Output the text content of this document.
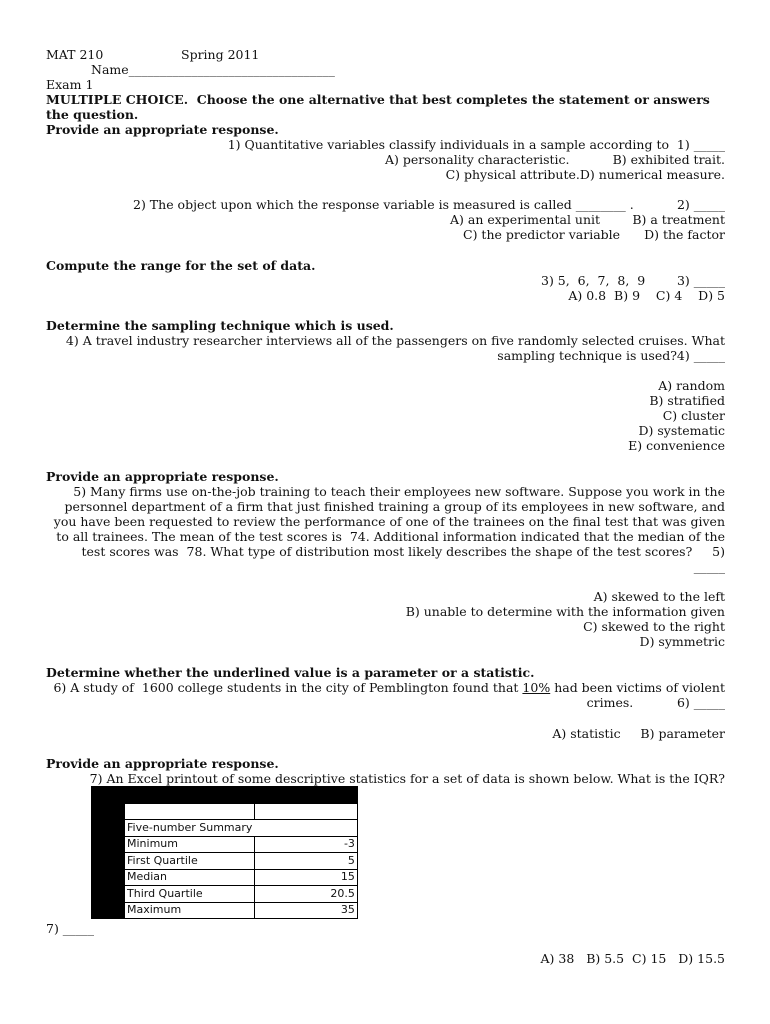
MAT 210	Spring 2011
Name_________________________________
Exam 1
MULTIPLE CHOICE.  Choose the one alternative that best completes the statement or answers
the question.
Provide an appropriate response.
1) Quantitative variables classify individuals in a sample according to  1) _____
A) personality characteristic.	B) exhibited trait.
C) physical attribute.D) numerical measure.
2) The object upon which the response variable is measured is called ________ .	2) _____
A) an experimental unit	B) a treatment
C) the predictor variable D) the factor
Compute the range for the set of data.
3) 5,  6,  7,  8,  9	3) _____
A) 0.8  B) 9    C) 4    D) 5
Determine the sampling technique which is used.
4) A travel industry researcher interviews all of the passengers on five randomly selected cruises. What
sampling technique is used?4) _____
A) random
B) stratified
C) cluster
D) systematic
E) convenience
Provide an appropriate response.
5) Many firms use on-the-job training to teach their employees new software. Suppose you work in the
personnel department of a firm that just finished training a group of its employees in new software, and
you have been requested to review the performance of one of the trainees on the final test that was given
to all trainees. The mean of the test scores is  74. Additional information indicated that the median of the
test scores was  78. What type of distribution most likely describes the shape of the test scores?     5)
_____
A) skewed to the left
B) unable to determine with the information given
C) skewed to the right
D) symmetric
Determine whether the underlined value is a parameter or a statistic.
6) A study of  1600 college students in the city of Pemblington found that 10% had been victims of violent
crimes.           6) _____
A) statistic     B) parameter
Provide an appropriate response.
7) An Excel printout of some descriptive statistics for a set of data is shown below. What is the IQR?

	Five-number Summary	
	Minimum	-3
	First Quartile	5
	Median	15
	Third Quartile	20.5
	Maximum	35
7) _____
A) 38   B) 5.5  C) 15   D) 15.5
